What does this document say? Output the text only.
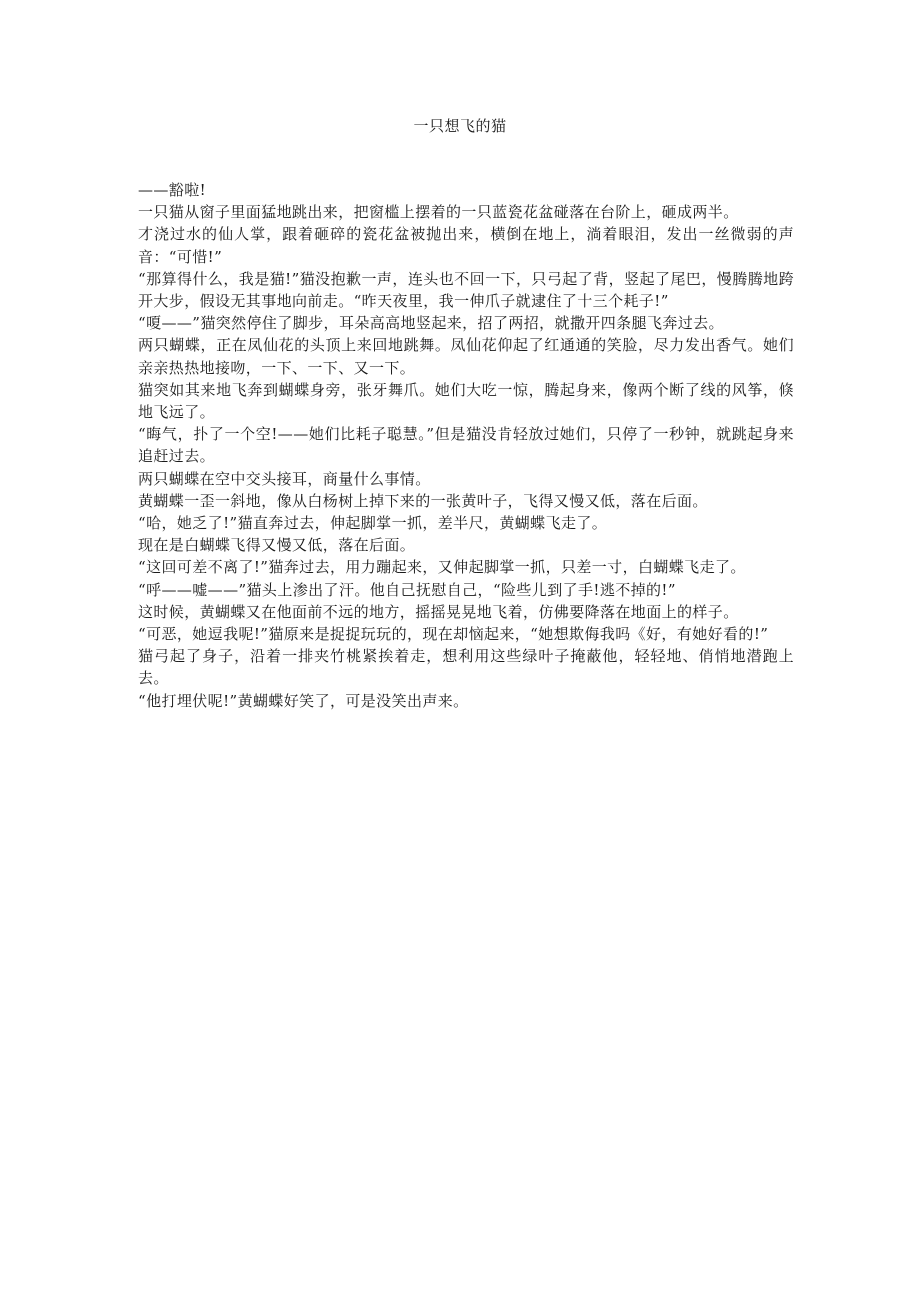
一只想飞的猫

——豁啦!

一只猫从窗子里面猛地跳出来，把窗槛上摆着的一只蓝瓷花盆碰落在台阶上，砸成两半。

才浇过水的仙人掌，跟着砸碎的瓷花盆被抛出来，横倒在地上，淌着眼泪，发出一丝微弱的声音：“可惜!”

“那算得什么，我是猫!”猫没抱歉一声，连头也不回一下，只弓起了背，竖起了尾巴，慢腾腾地跨开大步，假设无其事地向前走。“昨天夜里，我一伸爪子就逮住了十三个耗子!”

“嗄——”猫突然停住了脚步，耳朵高高地竖起来，招了两招，就撒开四条腿飞奔过去。

两只蝴蝶，正在凤仙花的头顶上来回地跳舞。凤仙花仰起了红通通的笑脸，尽力发出香气。她们亲亲热热地接吻，一下、一下、又一下。

猫突如其来地飞奔到蝴蝶身旁，张牙舞爪。她们大吃一惊，腾起身来，像两个断了线的风筝，倏地飞远了。

“晦气，扑了一个空!——她们比耗子聪慧。”但是猫没肯轻放过她们，只停了一秒钟，就跳起身来追赶过去。

两只蝴蝶在空中交头接耳，商量什么事情。

黄蝴蝶一歪一斜地，像从白杨树上掉下来的一张黄叶子，飞得又慢又低，落在后面。

“哈，她乏了!”猫直奔过去，伸起脚掌一抓，差半尺，黄蝴蝶飞走了。

现在是白蝴蝶飞得又慢又低，落在后面。

“这回可差不离了!”猫奔过去，用力蹦起来，又伸起脚掌一抓，只差一寸，白蝴蝶飞走了。

“呼——嘘——”猫头上渗出了汗。他自己抚慰自己，“险些儿到了手!逃不掉的!”

这时候，黄蝴蝶又在他面前不远的地方，摇摇晃晃地飞着，仿佛要降落在地面上的样子。

“可恶，她逗我呢!”猫原来是捉捉玩玩的，现在却恼起来，“她想欺侮我吗《好，有她好看的!”

猫弓起了身子，沿着一排夹竹桃紧挨着走，想利用这些绿叶子掩蔽他，轻轻地、俏悄地潜跑上去。

“他打埋伏呢!”黄蝴蝶好笑了，可是没笑出声来。
